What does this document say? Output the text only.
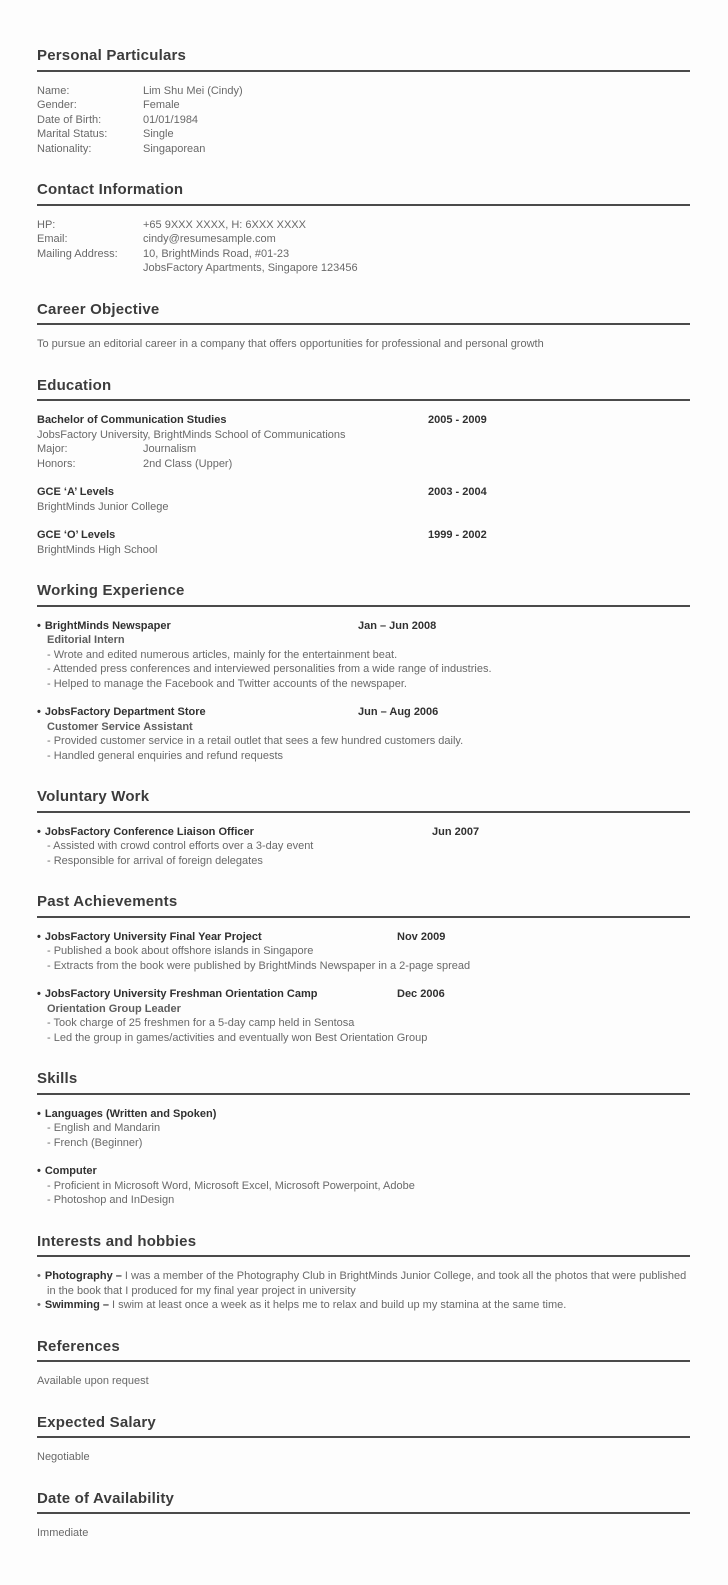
Personal Particulars
Name:	Lim Shu Mei (Cindy)
Gender:	Female
Date of Birth:	01/01/1984
Marital Status:	Single
Nationality:	Singaporean
Contact Information
HP:	+65 9XXX XXXX, H: 6XXX XXXX
Email:	cindy@resumesample.com
Mailing Address:	10, BrightMinds Road, #01-23
JobsFactory Apartments, Singapore 123456
Career Objective

To pursue an editorial career in a company that offers opportunities for professional and personal growth

Education
Bachelor of Communication Studies	2005 - 2009
JobsFactory University, BrightMinds School of Communications
Major:	Journalism
Honors:	2nd Class (Upper)
GCE ‘A’ Levels	2003 - 2004
BrightMinds Junior College
GCE ‘O’ Levels	1999 - 2002
BrightMinds High School
Working Experience
• BrightMinds Newspaper	Jan – Jun 2008
Editorial Intern
- Wrote and edited numerous articles, mainly for the entertainment beat.
- Attended press conferences and interviewed personalities from a wide range of industries.
- Helped to manage the Facebook and Twitter accounts of the newspaper.
• JobsFactory Department Store	Jun – Aug 2006
Customer Service Assistant
- Provided customer service in a retail outlet that sees a few hundred customers daily.
- Handled general enquiries and refund requests
Voluntary Work
• JobsFactory Conference Liaison Officer	Jun 2007
- Assisted with crowd control efforts over a 3-day event
- Responsible for arrival of foreign delegates
Past Achievements
• JobsFactory University Final Year Project	Nov 2009
- Published a book about offshore islands in Singapore
- Extracts from the book were published by BrightMinds Newspaper in a 2-page spread
• JobsFactory University Freshman Orientation Camp	Dec 2006
Orientation Group Leader
- Took charge of 25 freshmen for a 5-day camp held in Sentosa
- Led the group in games/activities and eventually won Best Orientation Group
Skills
• Languages (Written and Spoken)
- English and Mandarin
- French (Beginner)
• Computer
- Proficient in Microsoft Word, Microsoft Excel, Microsoft Powerpoint, Adobe
- Photoshop and InDesign
Interests and hobbies
• Photography – I was a member of the Photography Club in BrightMinds Junior College, and took all the photos that were published in the book that I produced for my final year project in university
• Swimming – I swim at least once a week as it helps me to relax and build up my stamina at the same time.
References

Available upon request

Expected Salary

Negotiable

Date of Availability

Immediate
